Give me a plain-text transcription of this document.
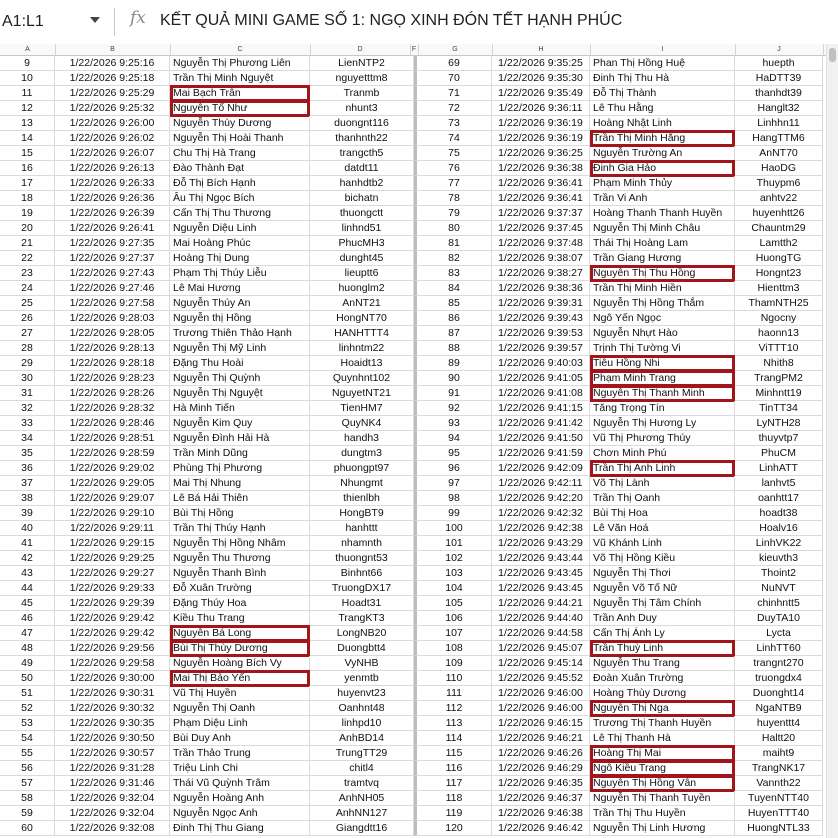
A1:L1	fx KẾT QUẢ MINI GAME SỐ 1: NGỌ XINH ĐÓN TẾT HẠNH PHÚC
A	B	C	D	F	G	H	I	J
9	1/22/2026 9:25:16	Nguyễn Thị Phương Liên	LienNTP2	69	1/22/2026 9:35:25 Phan Thị Hồng Huệ	huepth
10	1/22/2026 9:25:18	Trần Thị Minh Nguyệt	nguyetttm8	70	1/22/2026 9:35:30 Đinh Thị Thu Hà	HaDTT39
11	1/22/2026 9:25:29	Mai Bạch Trân	Tranmb	71	1/22/2026 9:35:49 Đỗ Thị Thành	thanhdt39
12	1/22/2026 9:25:32	Nguyễn Tố Như	nhunt3	72	1/22/2026 9:36:11	Lê Thu Hằng	Hanglt32
13	1/22/2026 9:26:00	Nguyễn Thùy Dương	duongnt116	73	1/22/2026 9:36:19 Hoàng Nhật Linh	Linhhn11
14	1/22/2026 9:26:02	Nguyễn Thị Hoài Thanh	thanhnth22	74	1/22/2026 9:36:19 Trần Thị Minh Hằng	HangTTM6
15	1/22/2026 9:26:07	Chu Thị Hà Trang	trangcth5	75	1/22/2026 9:36:25 Nguyễn Trường An	AnNT70
16	1/22/2026 9:26:13	Đào Thành Đạt	datdt11	76	1/22/2026 9:36:38 Đinh Gia Hảo	HaoDG
17	1/22/2026 9:26:33	Đỗ Thị Bích Hạnh	hanhdtb2	77	1/22/2026 9:36:41 Phạm Minh Thủy	Thuypm6
18	1/22/2026 9:26:36	Âu Thị Ngọc Bích	bichatn	78	1/22/2026 9:36:41 Trần Vi Anh	anhtv22
19	1/22/2026 9:26:39	Cấn Thị Thu Thương	thuongctt	79	1/22/2026 9:37:37 Hoàng Thanh Thanh Huyền	huyenhtt26
20	1/22/2026 9:26:41	Nguyễn Diệu Linh	linhnd51	80	1/22/2026 9:37:45 Nguyễn Thị Minh Châu	Chauntm29
21	1/22/2026 9:27:35	Mai Hoàng Phúc	PhucMH3	81	1/22/2026 9:37:48 Thái Thị Hoàng Lam	Lamtth2
22	1/22/2026 9:27:37	Hoàng Thị Dung	dunght45	82	1/22/2026 9:38:07 Trần Giang Hương	HuongTG
23	1/22/2026 9:27:43	Phạm Thị Thúy Liễu	lieuptt6	83	1/22/2026 9:38:27 Nguyễn Thị Thu Hồng	Hongnt23
24	1/22/2026 9:27:46	Lê Mai Hương	huonglm2	84	1/22/2026 9:38:36 Trần Thị Minh Hiền	Hienttm3
25	1/22/2026 9:27:58	Nguyễn Thúy An	AnNT21	85	1/22/2026 9:39:31 Nguyễn Thị Hồng Thắm	ThamNTH25
26	1/22/2026 9:28:03	Nguyễn thị Hồng	HongNT70	86	1/22/2026 9:39:43 Ngô Yến Ngọc	Ngocny
27	1/22/2026 9:28:05	Trương Thiên Thảo Hạnh	HANHTTT4	87	1/22/2026 9:39:53 Nguyễn Nhựt Hào	haonn13
28	1/22/2026 9:28:13	Nguyễn Thị Mỹ Linh	linhntm22	88	1/22/2026 9:39:57 Trịnh Thị Tường Vi	ViTTT10
29	1/22/2026 9:28:18	Đặng Thu Hoài	Hoaidt13	89	1/22/2026 9:40:03 Tiêu Hồng Nhi	Nhith8
30	1/22/2026 9:28:23	Nguyễn Thị Quỳnh	Quynhnt102	90	1/22/2026 9:41:05 Phạm Minh Trang	TrangPM2
31	1/22/2026 9:28:26	Nguyễn Thị Nguyệt	NguyetNT21	91	1/22/2026 9:41:08 Nguyễn Thị Thanh Minh	Minhntt19
32	1/22/2026 9:28:32	Hà Minh Tiến	TienHM7	92	1/22/2026 9:41:15 Tăng Trọng Tín	TinTT34
33	1/22/2026 9:28:46	Nguyễn Kim Quy	QuyNK4	93	1/22/2026 9:41:42 Nguyễn Thị Hương Ly	LyNTH28
34	1/22/2026 9:28:51	Nguyễn Đình Hải Hà	handh3	94	1/22/2026 9:41:50 Vũ Thị Phương Thúy	thuyvtp7
35	1/22/2026 9:28:59	Trần Minh Dũng	dungtm3	95	1/22/2026 9:41:59 Chơn Minh Phú	PhuCM
36	1/22/2026 9:29:02	Phùng Thị Phương	phuongpt97	96	1/22/2026 9:42:09 Trần Thị Anh Linh	LinhATT
37	1/22/2026 9:29:05	Mai Thị Nhung	Nhungmt	97	1/22/2026 9:42:11	Võ Thị Lành	lanhvt5
38	1/22/2026 9:29:07	Lê Bá Hải Thiên	thienlbh	98	1/22/2026 9:42:20 Trần Thị Oanh	oanhtt17
39	1/22/2026 9:29:10	Bùi Thị Hồng	HongBT9	99	1/22/2026 9:42:32 Bùi Thị Hoa	hoadt38
40	1/22/2026 9:29:11	Trần Thị Thúy Hạnh	hanhttt	100	1/22/2026 9:42:38 Lê Văn Hoá	Hoalv16
41	1/22/2026 9:29:15	Nguyễn Thị Hồng Nhâm	nhamnth	101	1/22/2026 9:43:29 Vũ Khánh Linh	LinhVK22
42	1/22/2026 9:29:25	Nguyễn Thu Thương	thuongnt53	102	1/22/2026 9:43:44 Võ Thị Hồng Kiều	kieuvth3
43	1/22/2026 9:29:27	Nguyễn Thanh Bình	Binhnt66	103	1/22/2026 9:43:45 Nguyễn Thị Thơi	Thoint2
44	1/22/2026 9:29:33	Đỗ Xuân Trường	TruongDX17	104	1/22/2026 9:43:45 Nguyễn Võ Tố Nữ	NuNVT
45	1/22/2026 9:29:39	Đặng Thúy Hoa	Hoadt31	105	1/22/2026 9:44:21 Nguyễn Thị Tâm Chính	chinhntt5
46	1/22/2026 9:29:42	Kiều Thu Trang	TrangKT3	106	1/22/2026 9:44:40 Trần Anh Duy	DuyTA10
47	1/22/2026 9:29:42	Nguyễn Bá Long	LongNB20	107	1/22/2026 9:44:58 Cấn Thị Ánh Ly	Lycta
48	1/22/2026 9:29:56	Bùi Thị Thùy Dương	Duongbtt4	108	1/22/2026 9:45:07 Trần Thuỳ Linh	LinhTT60
49	1/22/2026 9:29:58	Nguyễn Hoàng Bích Vy	VyNHB	109	1/22/2026 9:45:14 Nguyễn Thu Trang	trangnt270
50	1/22/2026 9:30:00	Mai Thị Bảo Yến	yenmtb	110	1/22/2026 9:45:52 Đoàn Xuân Trường	truongdx4
51	1/22/2026 9:30:31	Vũ Thị Huyền	huyenvt23	111	1/22/2026 9:46:00 Hoàng Thùy Dương	Duonght14
52	1/22/2026 9:30:32	Nguyễn Thị Oanh	Oanhnt48	112	1/22/2026 9:46:00 Nguyễn Thị Nga	NgaNTB9
53	1/22/2026 9:30:35	Phạm Diệu Linh	linhpd10	113	1/22/2026 9:46:15 Trương Thị Thanh Huyền	huyenttt4
54	1/22/2026 9:30:50	Bùi Duy Anh	AnhBD14	114	1/22/2026 9:46:21 Lê Thị Thanh Hà	Haltt20
55	1/22/2026 9:30:57	Trần Thảo Trung	TrungTT29	115	1/22/2026 9:46:26 Hoàng Thị Mai	maiht9
56	1/22/2026 9:31:28	Triệu Linh Chi	chitl4	116	1/22/2026 9:46:29 Ngô Kiều Trang	TrangNK17
57	1/22/2026 9:31:46	Thái Vũ Quỳnh Trâm	tramtvq	117	1/22/2026 9:46:35 Nguyễn Thị Hồng Vân	Vannth22
58	1/22/2026 9:32:04	Nguyễn Hoàng Anh	AnhNH05	118	1/22/2026 9:46:37 Nguyễn Thị Thanh Tuyền	TuyenNTT40
59	1/22/2026 9:32:04	Nguyễn Ngọc Anh	AnhNN127	119	1/22/2026 9:46:38 Trần Thị Thu Huyền	HuyenTTT40
60	1/22/2026 9:32:08	Đinh Thị Thu Giang	Giangdtt16	120	1/22/2026 9:46:42 Nguyễn Thị Linh Hương	HuongNTL33
